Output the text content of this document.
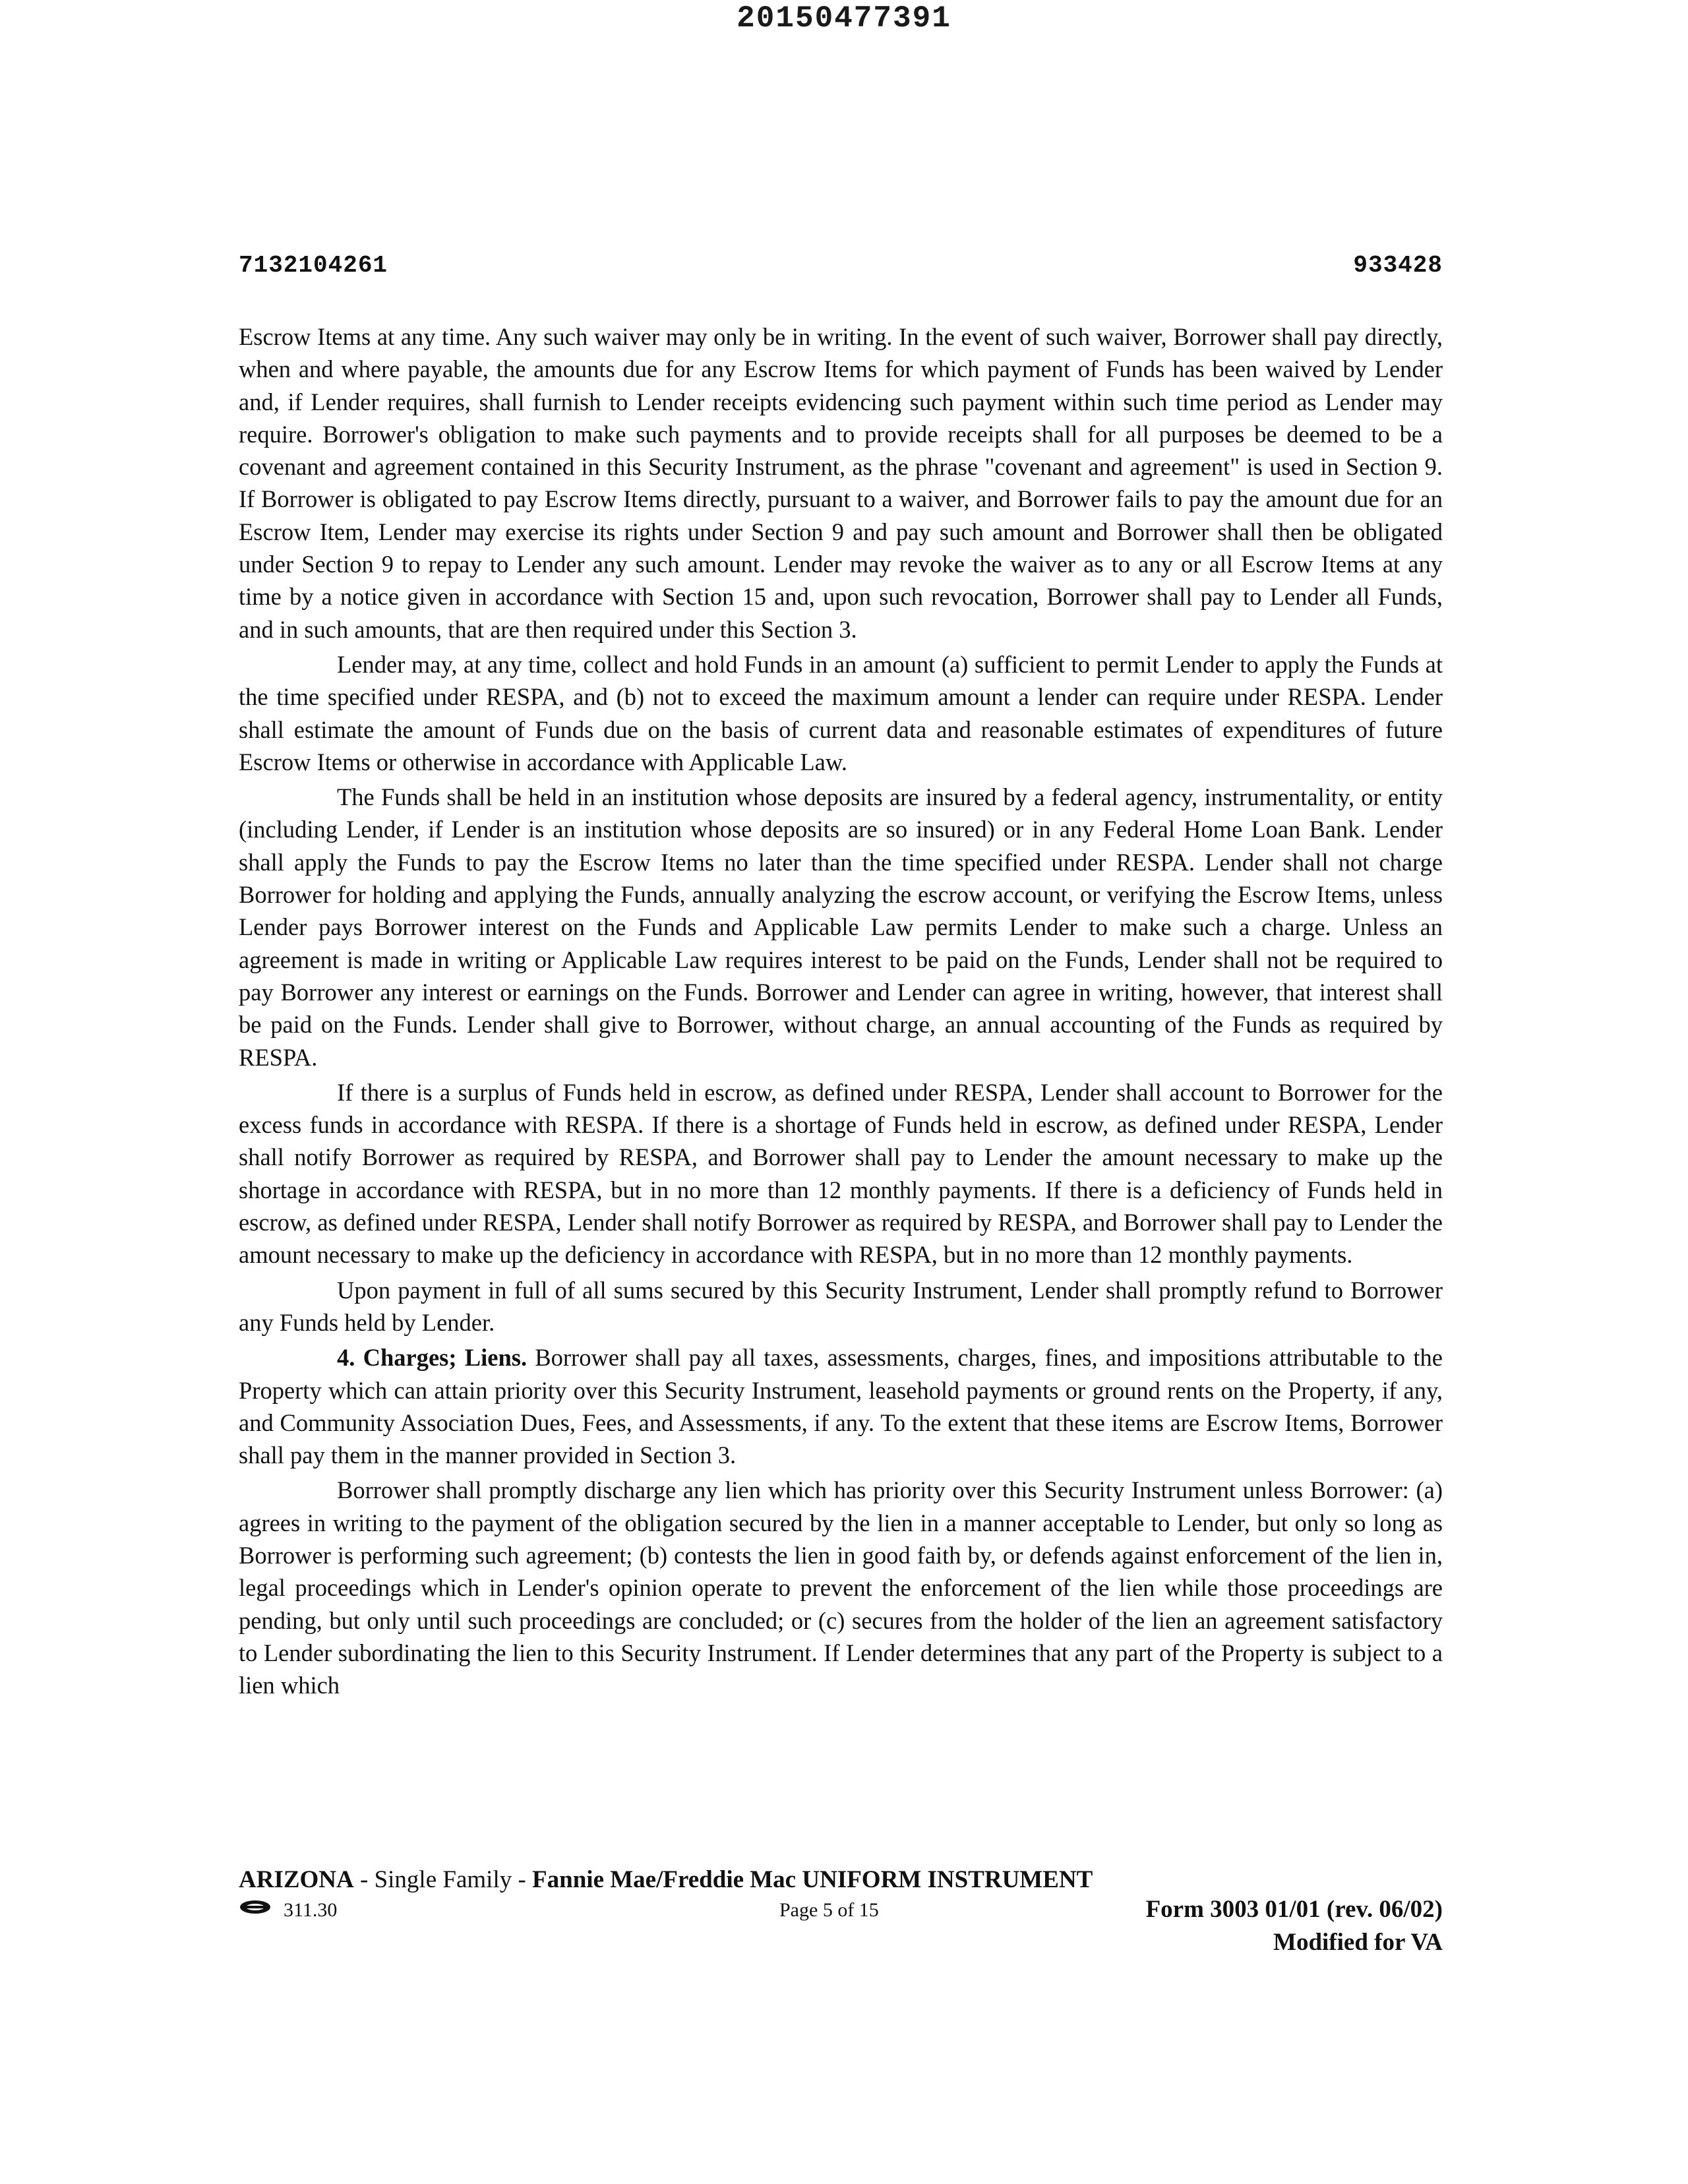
20150477391
7132104261	933428

Escrow Items at any time. Any such waiver may only be in writing. In the event of such waiver, Borrower shall pay directly, when and where payable, the amounts due for any Escrow Items for which payment of Funds has been waived by Lender and, if Lender requires, shall furnish to Lender receipts evidencing such payment within such time period as Lender may require. Borrower's obligation to make such payments and to provide receipts shall for all purposes be deemed to be a covenant and agreement contained in this Security Instrument, as the phrase "covenant and agreement" is used in Section 9. If Borrower is obligated to pay Escrow Items directly, pursuant to a waiver, and Borrower fails to pay the amount due for an Escrow Item, Lender may exercise its rights under Section 9 and pay such amount and Borrower shall then be obligated under Section 9 to repay to Lender any such amount. Lender may revoke the waiver as to any or all Escrow Items at any time by a notice given in accordance with Section 15 and, upon such revocation, Borrower shall pay to Lender all Funds, and in such amounts, that are then required under this Section 3.

Lender may, at any time, collect and hold Funds in an amount (a) sufficient to permit Lender to apply the Funds at the time specified under RESPA, and (b) not to exceed the maximum amount a lender can require under RESPA. Lender shall estimate the amount of Funds due on the basis of current data and reasonable estimates of expenditures of future Escrow Items or otherwise in accordance with Applicable Law.

The Funds shall be held in an institution whose deposits are insured by a federal agency, instrumentality, or entity (including Lender, if Lender is an institution whose deposits are so insured) or in any Federal Home Loan Bank. Lender shall apply the Funds to pay the Escrow Items no later than the time specified under RESPA. Lender shall not charge Borrower for holding and applying the Funds, annually analyzing the escrow account, or verifying the Escrow Items, unless Lender pays Borrower interest on the Funds and Applicable Law permits Lender to make such a charge. Unless an agreement is made in writing or Applicable Law requires interest to be paid on the Funds, Lender shall not be required to pay Borrower any interest or earnings on the Funds. Borrower and Lender can agree in writing, however, that interest shall be paid on the Funds. Lender shall give to Borrower, without charge, an annual accounting of the Funds as required by RESPA.

If there is a surplus of Funds held in escrow, as defined under RESPA, Lender shall account to Borrower for the excess funds in accordance with RESPA. If there is a shortage of Funds held in escrow, as defined under RESPA, Lender shall notify Borrower as required by RESPA, and Borrower shall pay to Lender the amount necessary to make up the shortage in accordance with RESPA, but in no more than 12 monthly payments. If there is a deficiency of Funds held in escrow, as defined under RESPA, Lender shall notify Borrower as required by RESPA, and Borrower shall pay to Lender the amount necessary to make up the deficiency in accordance with RESPA, but in no more than 12 monthly payments.

Upon payment in full of all sums secured by this Security Instrument, Lender shall promptly refund to Borrower any Funds held by Lender.

4. Charges; Liens. Borrower shall pay all taxes, assessments, charges, fines, and impositions attributable to the Property which can attain priority over this Security Instrument, leasehold payments or ground rents on the Property, if any, and Community Association Dues, Fees, and Assessments, if any. To the extent that these items are Escrow Items, Borrower shall pay them in the manner provided in Section 3.

Borrower shall promptly discharge any lien which has priority over this Security Instrument unless Borrower: (a) agrees in writing to the payment of the obligation secured by the lien in a manner acceptable to Lender, but only so long as Borrower is performing such agreement; (b) contests the lien in good faith by, or defends against enforcement of the lien in, legal proceedings which in Lender's opinion operate to prevent the enforcement of the lien while those proceedings are pending, but only until such proceedings are concluded; or (c) secures from the holder of the lien an agreement satisfactory to Lender subordinating the lien to this Security Instrument. If Lender determines that any part of the Property is subject to a lien which

ARIZONA - Single Family - Fannie Mae/Freddie Mac UNIFORM INSTRUMENT
311.30	Page 5 of 15	Form 3003 01/01 (rev. 06/02)
Modified for VA
